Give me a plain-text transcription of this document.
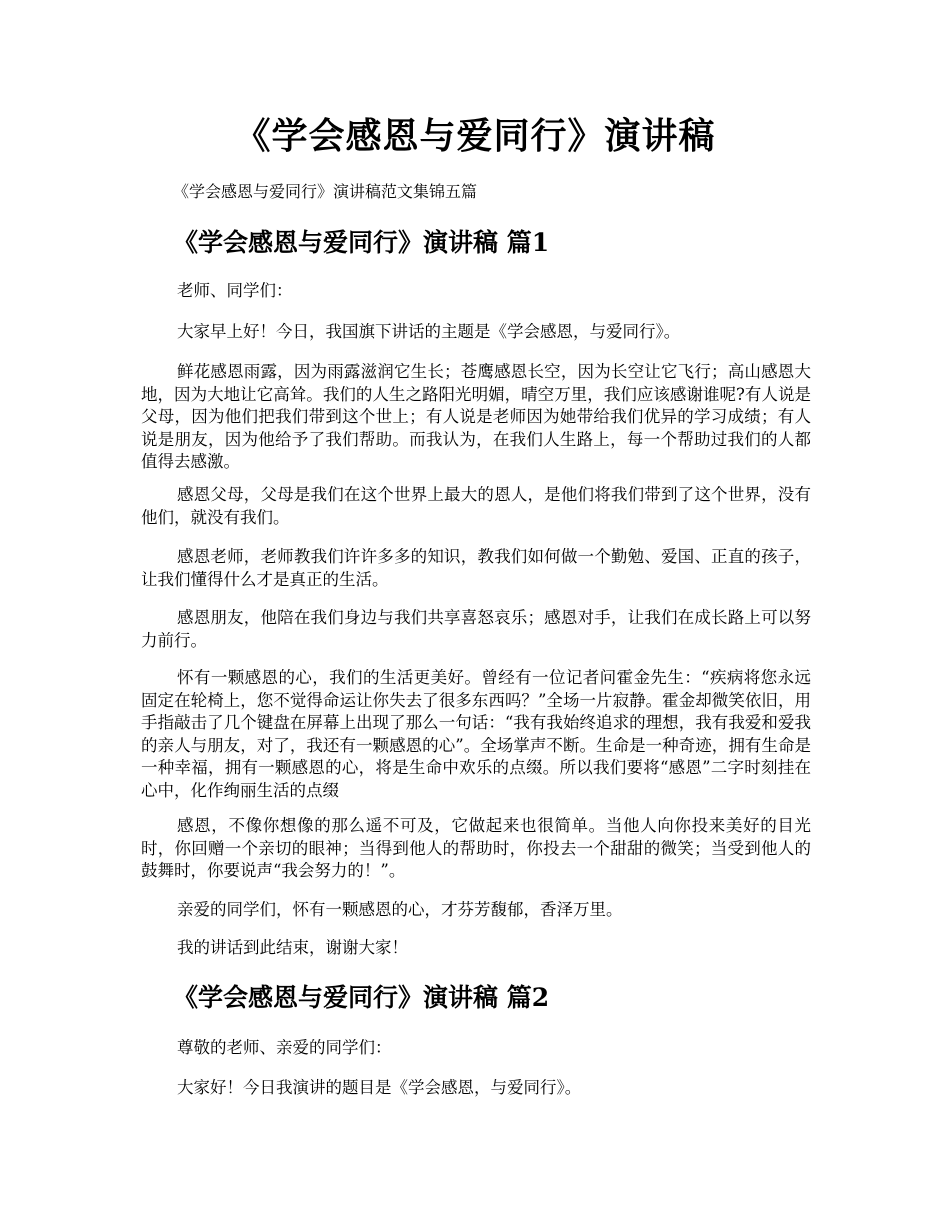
《学会感恩与爱同行》演讲稿

《学会感恩与爱同行》演讲稿范文集锦五篇

《学会感恩与爱同行》演讲稿 篇1

老师、同学们：

大家早上好！今日，我国旗下讲话的主题是《学会感恩，与爱同行》。

鲜花感恩雨露，因为雨露滋润它生长；苍鹰感恩长空，因为长空让它飞行；高山感恩大地，因为大地让它高耸。我们的人生之路阳光明媚，晴空万里，我们应该感谢谁呢?有人说是父母，因为他们把我们带到这个世上；有人说是老师因为她带给我们优异的学习成绩；有人说是朋友，因为他给予了我们帮助。而我认为，在我们人生路上，每一个帮助过我们的人都值得去感激。

感恩父母，父母是我们在这个世界上最大的恩人，是他们将我们带到了这个世界，没有他们，就没有我们。

感恩老师，老师教我们许许多多的知识，教我们如何做一个勤勉、爱国、正直的孩子，让我们懂得什么才是真正的生活。

感恩朋友，他陪在我们身边与我们共享喜怒哀乐；感恩对手，让我们在成长路上可以努力前行。

怀有一颗感恩的心，我们的生活更美好。曾经有一位记者问霍金先生：“疾病将您永远固定在轮椅上，您不觉得命运让你失去了很多东西吗？”全场一片寂静。霍金却微笑依旧，用手指敲击了几个键盘在屏幕上出现了那么一句话：“我有我始终追求的理想，我有我爱和爱我的亲人与朋友，对了，我还有一颗感恩的心”。全场掌声不断。生命是一种奇迹，拥有生命是一种幸福，拥有一颗感恩的心，将是生命中欢乐的点缀。所以我们要将“感恩”二字时刻挂在心中，化作绚丽生活的点缀

感恩，不像你想像的那么遥不可及，它做起来也很简单。当他人向你投来美好的目光时，你回赠一个亲切的眼神；当得到他人的帮助时，你投去一个甜甜的微笑；当受到他人的鼓舞时，你要说声“我会努力的！”。

亲爱的同学们，怀有一颗感恩的心，才芬芳馥郁，香泽万里。

我的讲话到此结束，谢谢大家！

《学会感恩与爱同行》演讲稿 篇2

尊敬的老师、亲爱的同学们：

大家好！今日我演讲的题目是《学会感恩，与爱同行》。
